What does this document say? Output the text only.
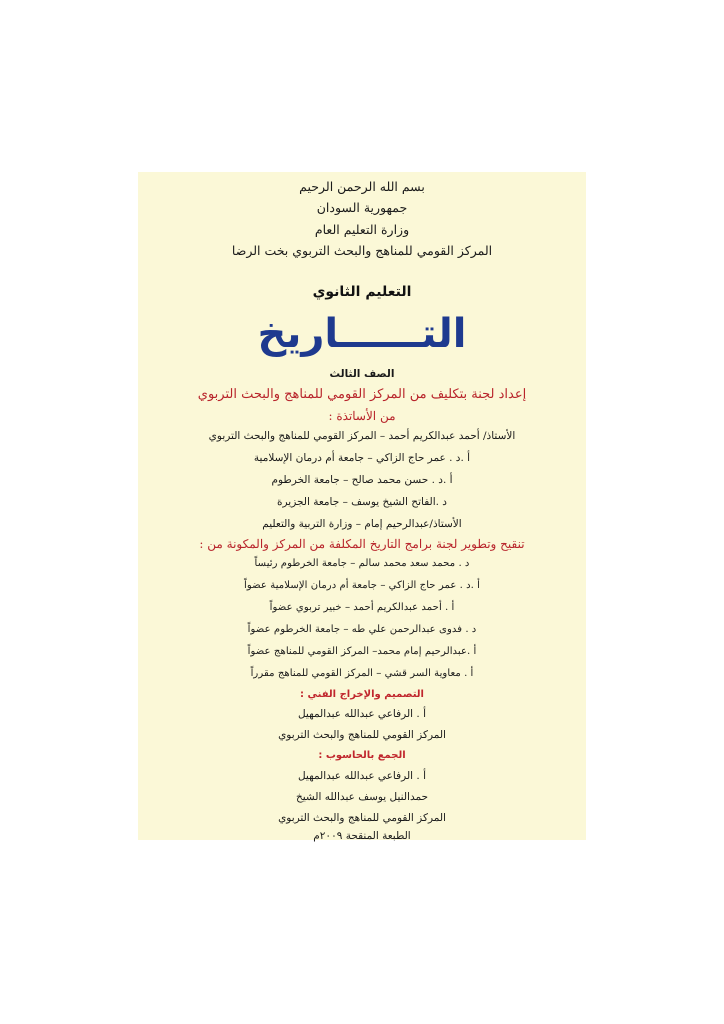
بسم الله الرحمن الرحيم
جمهورية السودان
وزارة التعليم العام
المركز القومي للمناهج والبحث التربوي بخت الرضا
التعليم الثانوي
التــــــاريخ
الصف الثالث
إعداد لجنة بتكليف من المركز القومي للمناهج والبحث التربوي
من الأساتذة :
الأستاذ/ أحمد عبدالكريم أحمد – المركز القومي للمناهج والبحث التربوي
أ .د . عمر حاج الزاكي – جامعة أم درمان الإسلامية
أ .د . حسن محمد صالح – جامعة الخرطوم
د .الفاتح الشيخ يوسف – جامعة الجزيرة
الأستاذ/عبدالرحيم إمام – وزارة التربية والتعليم
تنقيح وتطوير لجنة برامج التاريخ المكلفة من المركز والمكونة من :
د . محمد سعد محمد سالم – جامعة الخرطوم رئيساً
أ .د . عمر حاج الزاكي – جامعة أم درمان الإسلامية عضواً
أ . أحمد عبدالكريم أحمد – خبير تربوي عضواً
د . فدوى عبدالرحمن علي طه – جامعة الخرطوم عضواً
أ .عبدالرحيم إمام محمد– المركز القومي للمناهج عضواً
أ . معاوية السر قشي – المركز القومي للمناهج مقرراً
التصميم والإخراج الفني :
أ . الرفاعي عبدالله عبدالمهيل
المركز القومي للمناهج والبحث التربوي
الجمع بالحاسوب :
أ . الرفاعي عبدالله عبدالمهيل
حمدالنيل يوسف عبدالله الشيخ
المركز القومي للمناهج والبحث التربوي
الطبعة المنقحة ٢٠٠٩م
